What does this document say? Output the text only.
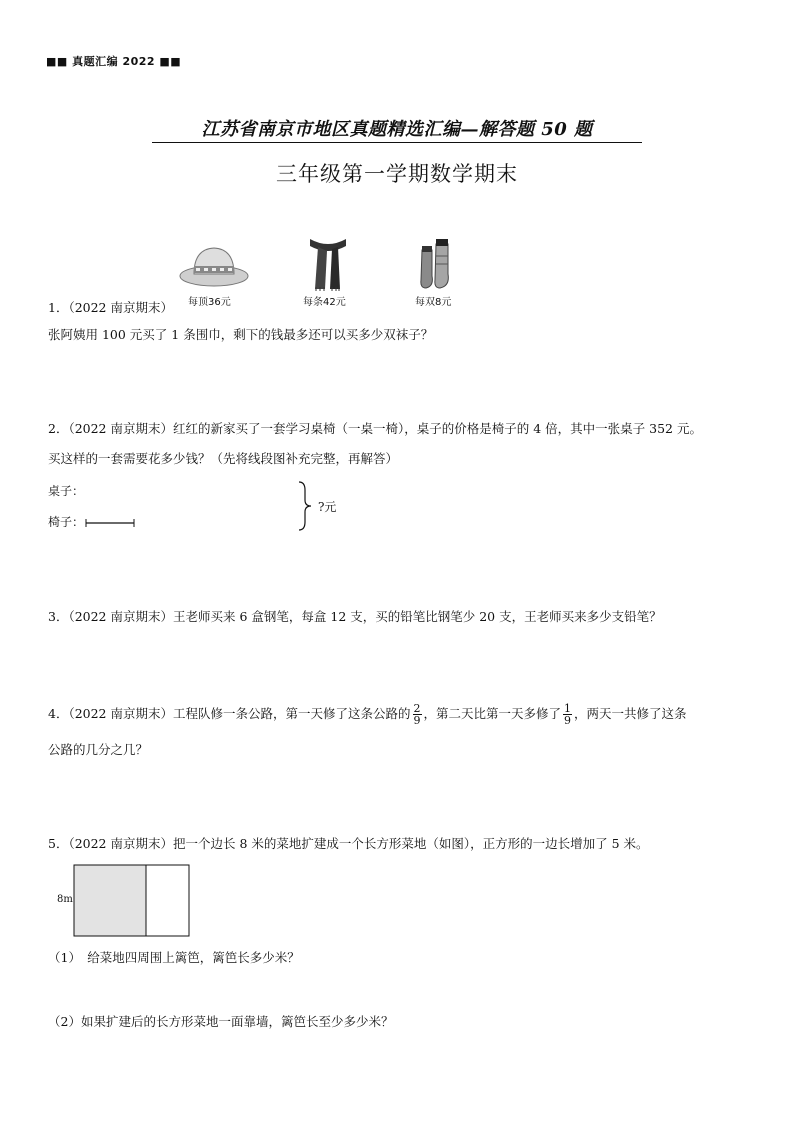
■■ 真题汇编 2022 ■■
江苏省南京市地区真题精选汇编—解答题 50 题
三年级第一学期数学期末
每顶36元	每条42元	每双8元
1．（2022 南京期末）
张阿姨用 100 元买了 1 条围巾，剩下的钱最多还可以买多少双袜子？
2．（2022 南京期末）红红的新家买了一套学习桌椅（一桌一椅），桌子的价格是椅子的 4 倍，其中一张桌子 352 元。
买这样的一套需要花多少钱？（先将线段图补充完整，再解答）
桌子：
椅子：
?元
3．（2022 南京期末）王老师买来 6 盒钢笔，每盒 12 支，买的铅笔比钢笔少 20 支，王老师买来多少支铅笔？
4．（2022 南京期末）工程队修一条公路，第一天修了这条公路的 $\frac{2}{9}$ ，第二天比第一天多修了 $\frac{1}{9}$ ，两天一共修了这条
公路的几分之几？
5．（2022 南京期末）把一个边长 8 米的菜地扩建成一个长方形菜地（如图），正方形的一边长增加了 5 米。
8m
（1）　给菜地四周围上篱笆，篱笆长多少米？
（2）如果扩建后的长方形菜地一面靠墙，篱笆长至少多少米？
